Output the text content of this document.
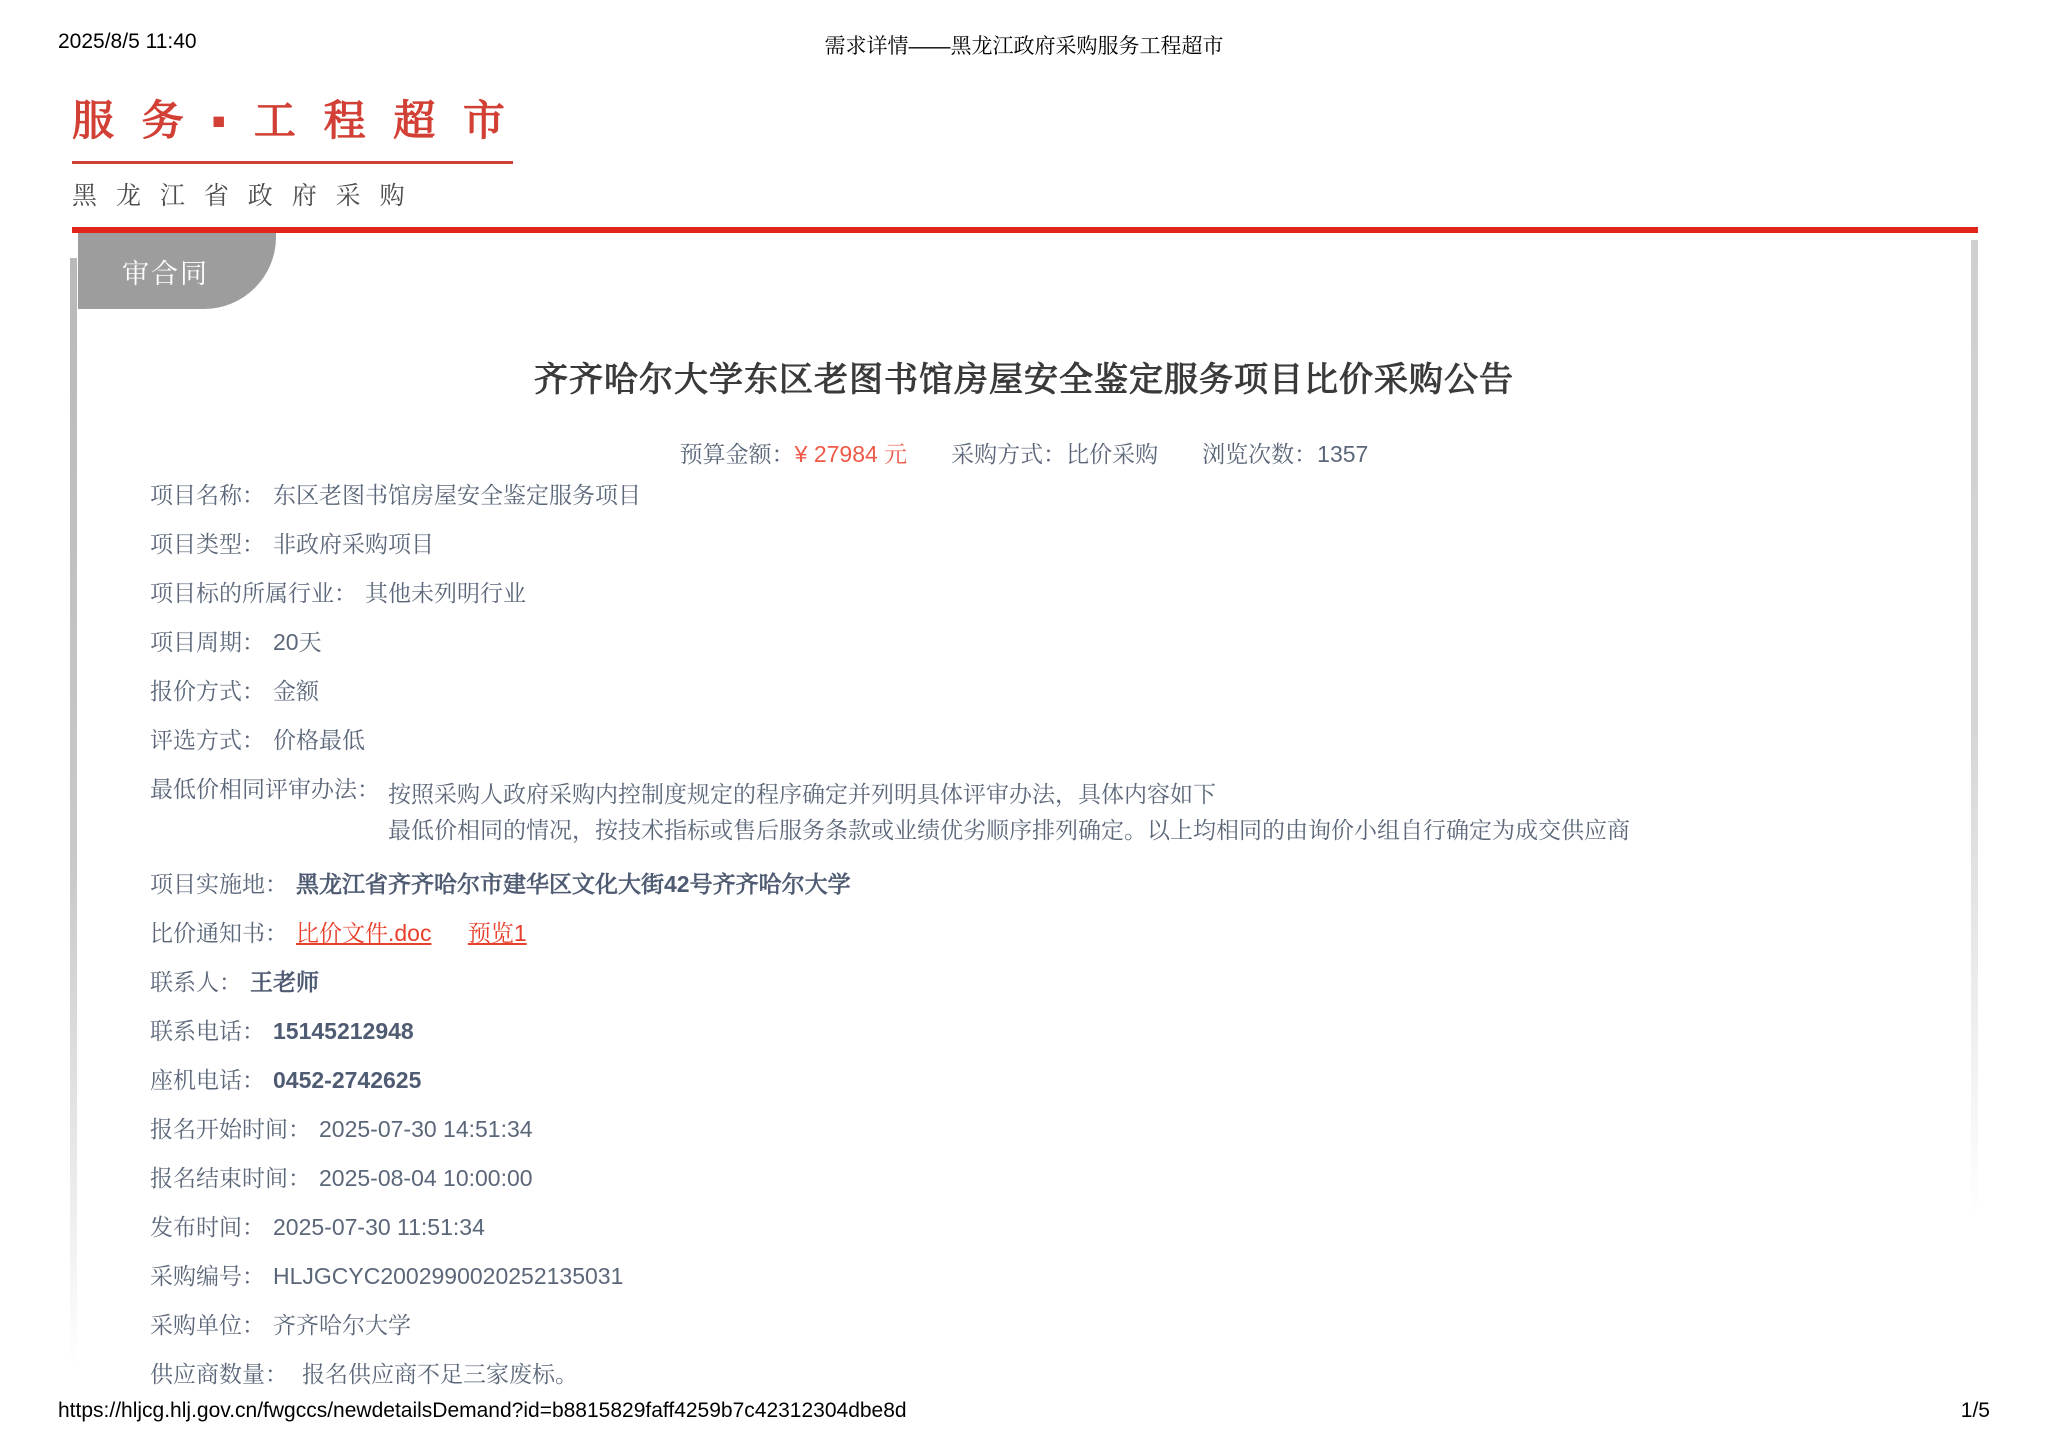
2025/8/5 11:40	需求详情——黑龙江政府采购服务工程超市
服 务 ▪ 工 程 超 市
黑 龙 江 省 政 府 采 购
审合同
齐齐哈尔大学东区老图书馆房屋安全鉴定服务项目比价采购公告
预算金额：¥ 27984 元 采购方式：比价采购 浏览次数：1357
项目名称： 东区老图书馆房屋安全鉴定服务项目
项目类型： 非政府采购项目
项目标的所属行业： 其他未列明行业
项目周期： 20天
报价方式： 金额
评选方式： 价格最低
最低价相同评审办法： 按照采购人政府采购内控制度规定的程序确定并列明具体评审办法，具体内容如下
最低价相同的情况，按技术指标或售后服务条款或业绩优劣顺序排列确定。以上均相同的由询价小组自行确定为成交供应商
项目实施地： 黑龙江省齐齐哈尔市建华区文化大街42号齐齐哈尔大学
比价通知书： 比价文件.doc 预览1
联系人： 王老师
联系电话： 15145212948
座机电话： 0452-2742625
报名开始时间： 2025-07-30 14:51:34
报名结束时间： 2025-08-04 10:00:00
发布时间： 2025-07-30 11:51:34
采购编号： HLJGCYC2002990020252135031
采购单位： 齐齐哈尔大学
供应商数量： 报名供应商不足三家废标。
https://hljcg.hlj.gov.cn/fwgccs/newdetailsDemand?id=b8815829faff4259b7c42312304dbe8d	1/5
